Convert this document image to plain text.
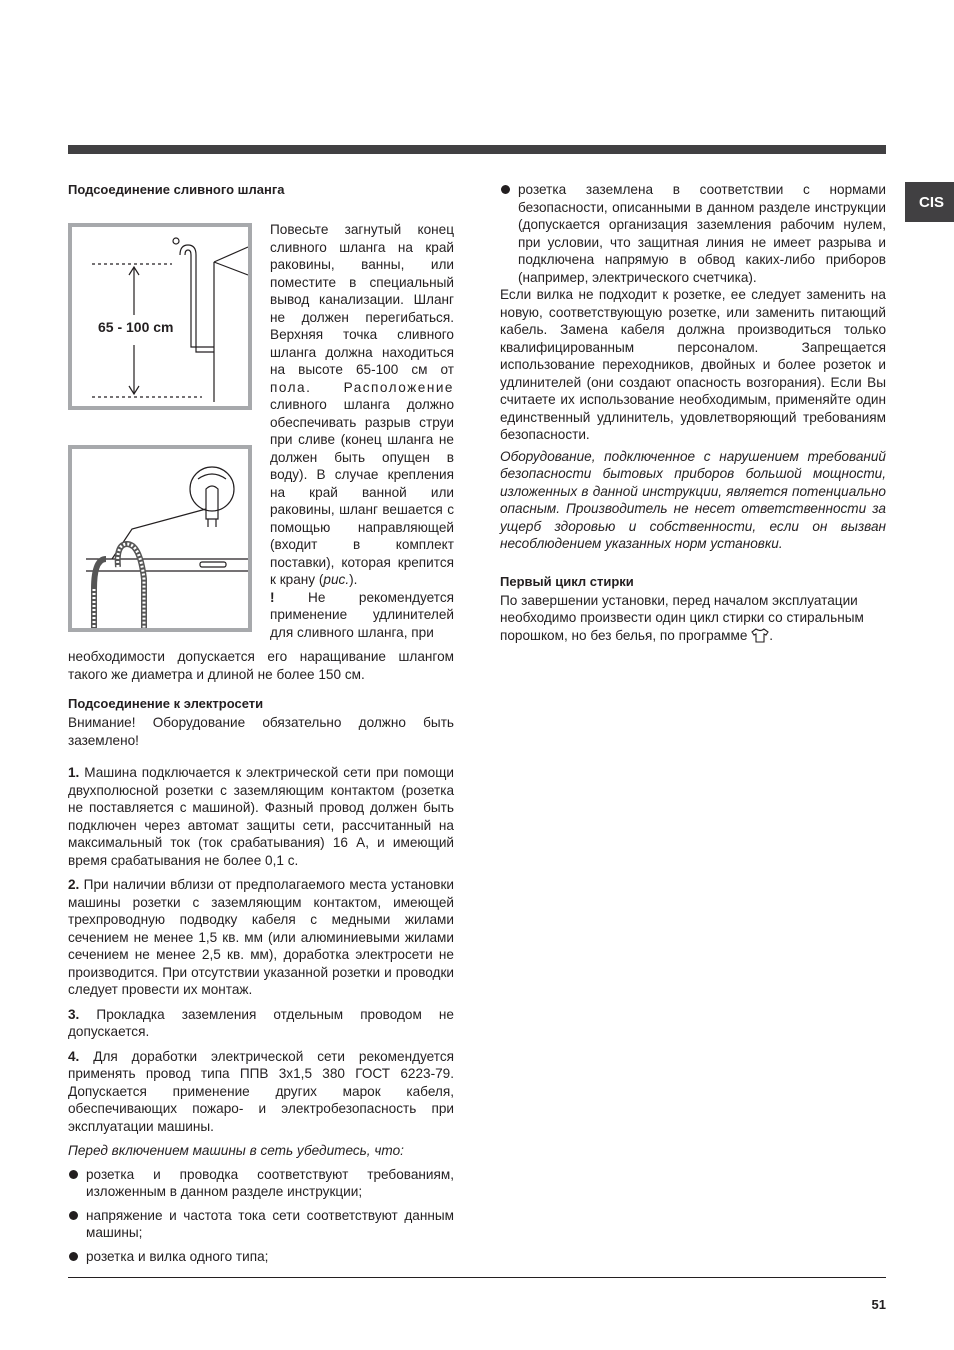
CIS
Подсоединение сливного шланга
65 - 100 cm
Повесьте загнутый конец сливного шланга на край раковины, ванны, или поместите в специальный вывод канализации. Шланг не должен перегибаться. Верхняя точка сливного шланга должна находиться на высоте 65-100 см от пола. Расположение сливного шланга должно обеспечивать разрыв струи при сливе (конец шланга не должен быть опущен в воду). В случае крепления на край ванной или раковины, шланг вешается с помощью направляющей (входит в комплект поставки), которая крепится к крану (рис.).
! Не рекомендуется применение удлинителей для сливного шланга, при

необходимости допускается его наращивание шлангом такого же диаметра и длиной не более 150 см.

Подсоединение к электросети

Внимание! Оборудование обязательно должно быть заземлено!

1. Машина подключается к электрической сети при помощи двухполюсной розетки с заземляющим контактом (розетка не поставляется с машиной). Фазный провод должен быть подключен через автомат защиты сети, рассчитанный на максимальный ток (ток срабатывания) 16 А, и имеющий время срабатывания не более 0,1 с.

2. При наличии вблизи от предполагаемого места установки машины розетки с заземляющим контактом, имеющей трехпроводную подводку кабеля с медными жилами сечением не менее 1,5 кв. мм (или алюминиевыми жилами сечением не менее 2,5 кв. мм), доработка электросети не производится. При отсутствии указанной розетки и проводки следует провести их монтаж.

3. Прокладка заземления отдельным проводом не допускается.

4. Для доработки электрической сети рекомендуется применять провод типа ППВ 3х1,5 380 ГОСТ 6223-79. Допускается применение других марок кабеля, обеспечивающих пожаро- и электробезопасность при эксплуатации машины.

Перед включением машины в сеть убедитесь, что:

розетка и проводка соответствуют требованиям, изложенным в данном разделе инструкции;
напряжение и частота тока сети соответствуют данным машины;
розетка и вилка одного типа;
розетка заземлена в соответствии с нормами безопасности, описанными в данном разделе инструкции (допускается организация заземления рабочим нулем, при условии, что защитная линия не имеет разрыва и подключена напрямую в обвод каких-либо приборов (например, электрического счетчика).

Если вилка не подходит к розетке, ее следует заменить на новую, соответствующую розетке, или заменить питающий кабель. Замена кабеля должна производиться только квалифицированным персоналом. Запрещается использование переходников, двойных и более розеток и удлинителей (они создают опасность возгорания). Если Вы считаете их использование необходимым, применяйте один единственный удлинитель, удовлетворяющий требованиям безопасности.

Оборудование, подключенное с нарушением требований безопасности бытовых приборов большой мощности, изложенных в данной инструкции, является потенциально опасным. Производитель не несет ответственности за ущерб здоровью и собственности, если он вызван несоблюдением указанных норм установки.

Первый цикл стирки

По завершении установки, перед началом эксплуатации необходимо произвести один цикл стирки со стиральным порошком, но без белья, по программе .

51
